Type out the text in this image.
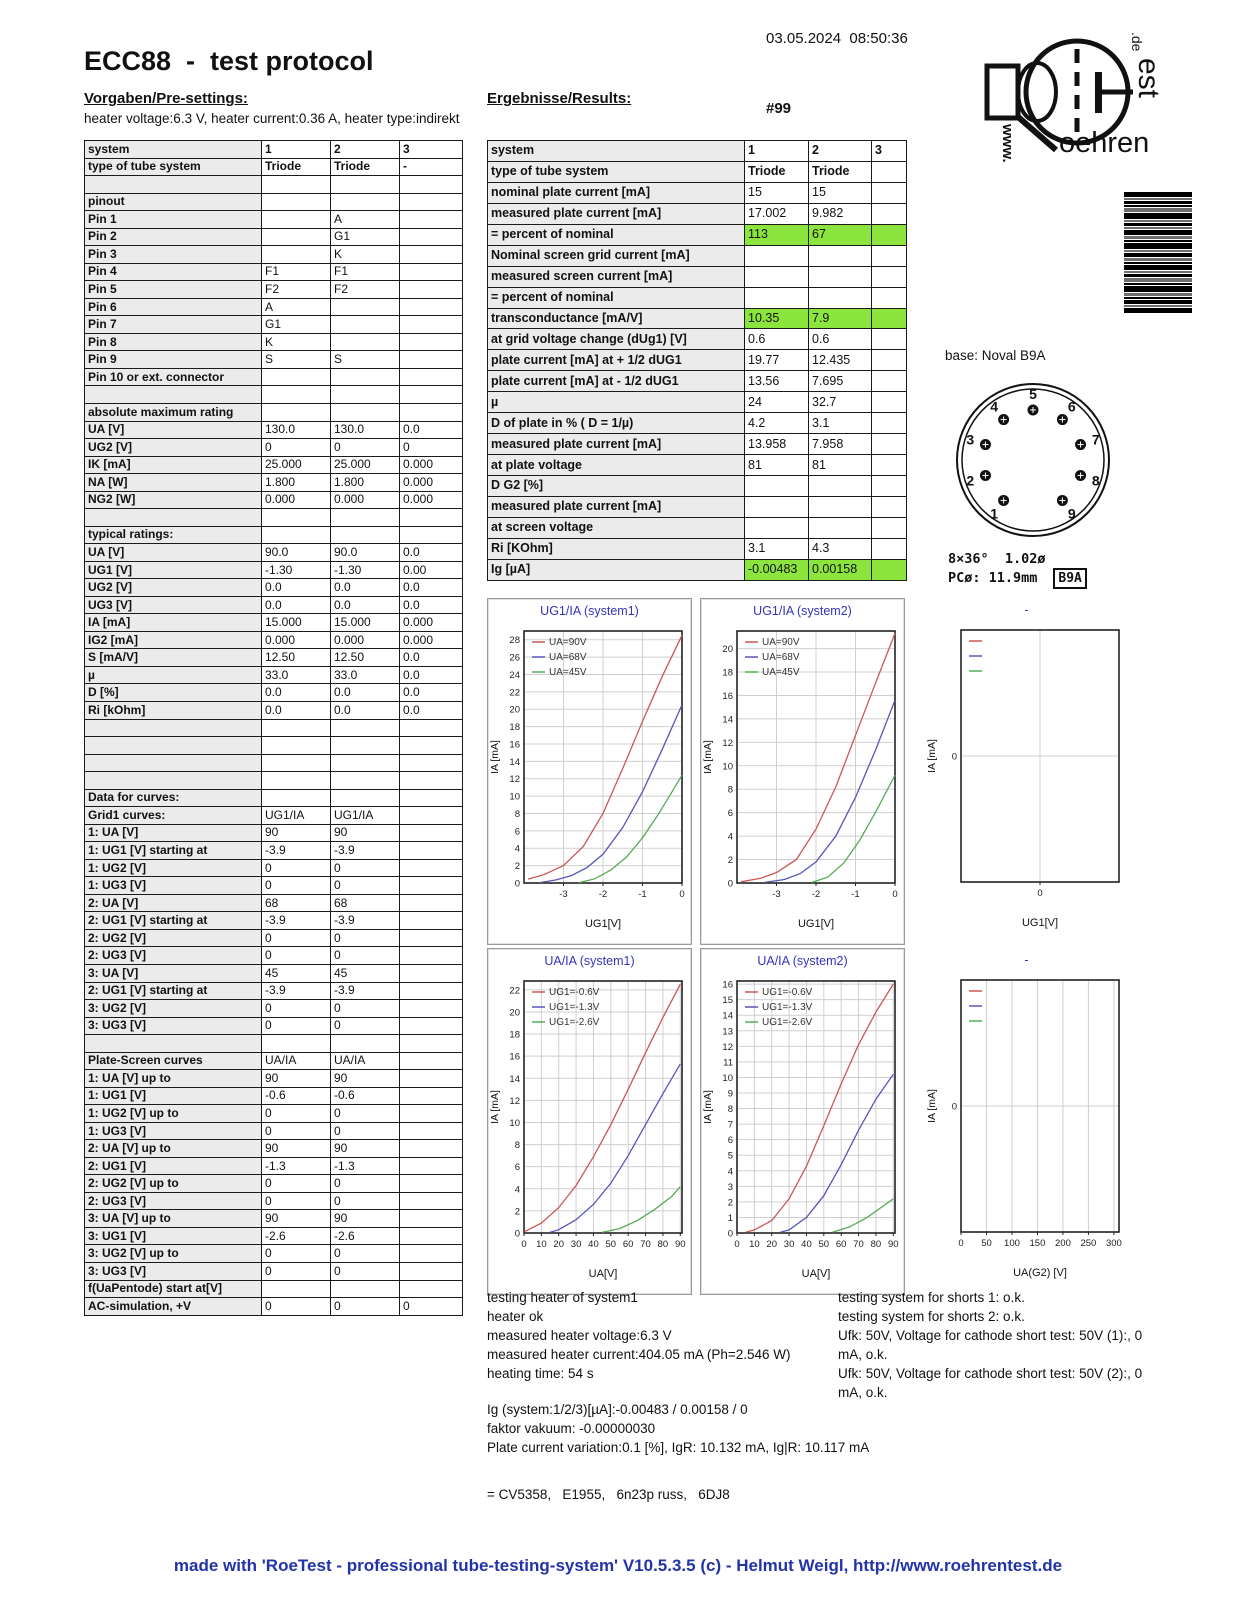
03.05.2024  08:50:36
ECC88  -  test protocol
Vorgaben/Pre-settings:
heater voltage:6.3 V, heater current:0.36 A, heater type:indirekt
Ergebnisse/Results:
#99
base: Noval B9A
oehren
.de
est
www.
system	1	2	3
type of tube system	Triode	Triode	-

pinout			
Pin 1		A	
Pin 2		G1	
Pin 3		K	
Pin 4	F1	F1	
Pin 5	F2	F2	
Pin 6	A		
Pin 7	G1		
Pin 8	K		
Pin 9	S	S	
Pin 10 or ext. connector			

absolute maximum rating			
UA [V]	130.0	130.0	0.0
UG2 [V]	0	0	0
IK [mA]	25.000	25.000	0.000
NA [W]	1.800	1.800	0.000
NG2 [W]	0.000	0.000	0.000

typical ratings:			
UA [V]	90.0	90.0	0.0
UG1 [V]	-1.30	-1.30	0.00
UG2 [V]	0.0	0.0	0.0
UG3 [V]	0.0	0.0	0.0
IA [mA]	15.000	15.000	0.000
IG2 [mA]	0.000	0.000	0.000
S [mA/V]	12.50	12.50	0.0
µ	33.0	33.0	0.0
D [%]	0.0	0.0	0.0
Ri [kOhm]	0.0	0.0	0.0

Data for curves:			
Grid1 curves:	UG1/IA	UG1/IA	
1: UA [V]	90	90	
1: UG1 [V] starting at	-3.9	-3.9	
1: UG2 [V]	0	0	
1: UG3 [V]	0	0	
2: UA [V]	68	68	
2: UG1 [V] starting at	-3.9	-3.9	
2: UG2 [V]	0	0	
2: UG3 [V]	0	0	
3: UA [V]	45	45	
2: UG1 [V] starting at	-3.9	-3.9	
3: UG2 [V]	0	0	
3: UG3 [V]	0	0	

Plate-Screen curves	UA/IA	UA/IA	
1: UA [V] up to	90	90	
1: UG1 [V]	-0.6	-0.6	
1: UG2 [V] up to	0	0	
1: UG3 [V]	0	0	
2: UA [V] up to	90	90	
2: UG1 [V]	-1.3	-1.3	
2: UG2 [V] up to	0	0	
2: UG3 [V]	0	0	
3: UA [V] up to	90	90	
3: UG1 [V]	-2.6	-2.6	
3: UG2 [V] up to	0	0	
3: UG3 [V]	0	0	
f(UaPentode) start at[V]			
AC-simulation, +V	0	0	0
system	1	2	3
type of tube system	Triode	Triode	
nominal plate current [mA]	15	15	
measured plate current [mA]	17.002	9.982	
= percent of nominal	113	67	
Nominal screen grid current [mA]			
measured screen current [mA]			
= percent of nominal			
transconductance [mA/V]	10.35	7.9	
at grid voltage change (dUg1) [V]	0.6	0.6	
plate current [mA] at + 1/2 dUG1	19.77	12.435	
plate current [mA] at - 1/2 dUG1	13.56	7.695	
µ	24	32.7	
D of plate in % ( D = 1/µ)	4.2	3.1	
measured plate current [mA]	13.958	7.958	
at plate voltage	81	81	
D G2 [%]			
measured plate current [mA]			
at screen voltage			
Ri [KOhm]	3.1	4.3	
Ig [µA]	-0.00483	0.00158	
1
2
3
4
5
6
7
8
9
8×36°  1.02ø
PCø: 11.9mm B9A
UG1/IA (system1)
0
2
4
6
8
10
12
14
16
18
20
22
24
26
28
-3	-2	-1	0
IA [mA]
UA=90V
UA=68V
UA=45V
UG1[V]
UG1/IA (system2)
0
2
4
6
8
10
12
14
16
18
20
-3	-2	-1	0
IA [mA]
UA=90V
UA=68V
UA=45V
UG1[V]
-
0
0
IA [mA]
UG1[V]
UA/IA (system1)
0
2
4
6
8
10
12
14
16
18
20
22
0 10 20 30 40 50 60 70 80 90
IA [mA]
UG1=-0.6V
UG1=-1.3V
UG1=-2.6V
UA[V]
UA/IA (system2)
0
1
2
3
4
5
6
7
8
9
10
11
12
13
14
15
16
0 10 20 30 40 50 60 70 80 90
IA [mA]
UG1=-0.6V
UG1=-1.3V
UG1=-2.6V
UA[V]
-
0
0 50 100 150 200 250 300
IA [mA]
UA(G2) [V]
testing heater of system1
heater ok
measured heater voltage:6.3 V
measured heater current:404.05 mA (Ph=2.546 W)
heating time: 54 s
testing system for shorts 1: o.k.
testing system for shorts 2: o.k.
Ufk: 50V, Voltage for cathode short test: 50V (1):, 0
mA, o.k.
Ufk: 50V, Voltage for cathode short test: 50V (2):, 0
mA, o.k.
Ig (system:1/2/3)[µA]:-0.00483 / 0.00158 / 0
faktor vakuum: -0.00000030
Plate current variation:0.1 [%], IgR: 10.132 mA, Ig|R: 10.117 mA
= CV5358,   E1955,   6n23p russ,   6DJ8
made with 'RoeTest - professional tube-testing-system' V10.5.3.5 (c) - Helmut Weigl, http://www.roehrentest.de
